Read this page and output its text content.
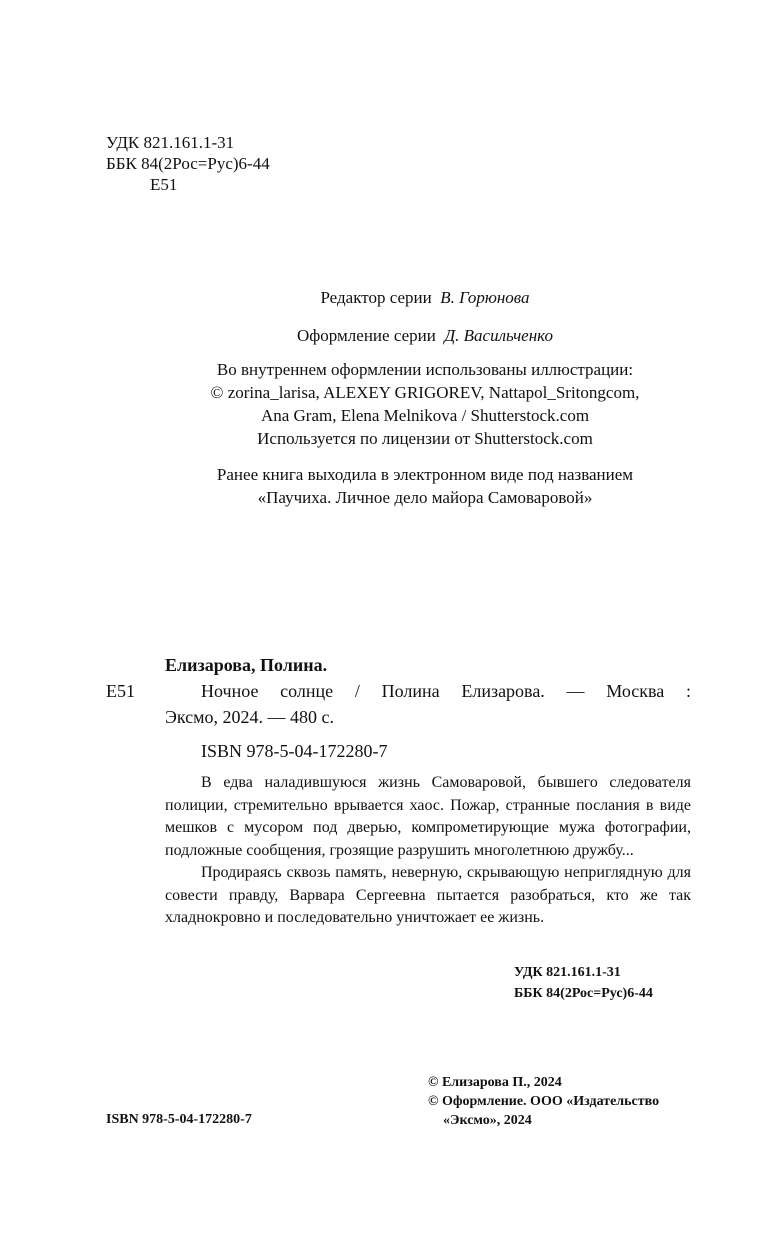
УДК 821.161.1-31
ББК 84(2Рос=Рус)6-44
Е51
Редактор серии В. Горюнова
Оформление серии Д. Васильченко
Во внутреннем оформлении использованы иллюстрации:
© zorina_larisa, ALEXEY GRIGOREV, Nattapol_Sritongcom,
Ana Gram, Elena Melnikova / Shutterstock.com
Используется по лицензии от Shutterstock.com
Ранее книга выходила в электронном виде под названием
«Паучиха. Личное дело майора Самоваровой»
Елизарова, Полина.
Е51	Ночное солнце / Полина Елизарова. — Москва :
Эксмо, 2024. — 480 с.
ISBN 978-5-04-172280-7

В едва наладившуюся жизнь Самоваровой, бывшего следователя полиции, стремительно врывается хаос. Пожар, странные послания в виде мешков с мусором под дверью, компрометирующие мужа фотографии, подложные сообщения, грозящие разрушить многолетнюю дружбу...

Продираясь сквозь память, неверную, скрывающую неприглядную для совести правду, Варвара Сергеевна пытается разобраться, кто же так хладнокровно и последовательно уничтожает ее жизнь.

УДК 821.161.1-31
ББК 84(2Рос=Рус)6-44
ISBN 978-5-04-172280-7
© Елизарова П., 2024
© Оформление. ООО «Издательство
«Эксмо», 2024
